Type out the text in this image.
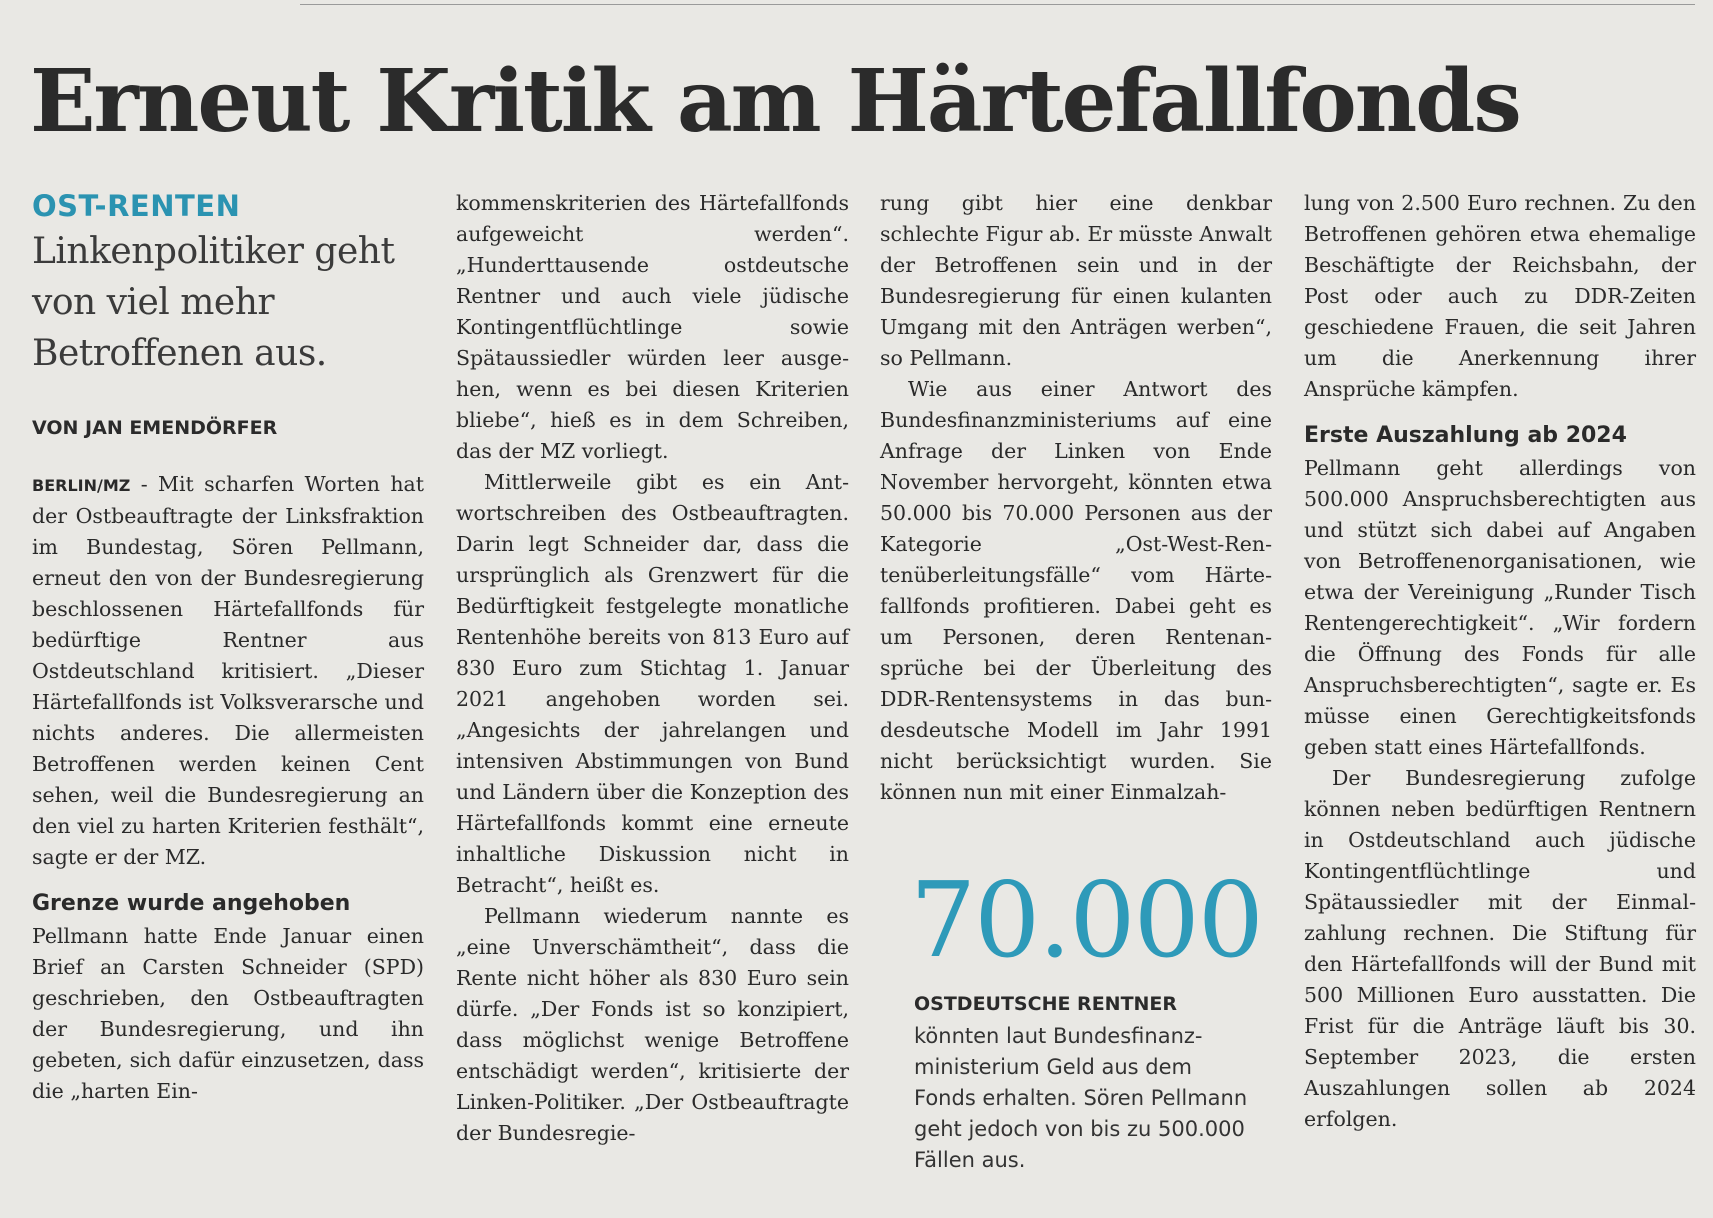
Erneut Kritik am Härtefallfonds

OST-RENTEN

Linkenpolitiker geht von viel mehr Betroffenen aus.

VON JAN EMENDÖRFER

BERLIN/MZ - Mit scharfen Worten hat der Ostbeauftragte der Linksfraktion im Bundestag, Sören Pellmann, erneut den von der Bundesregierung beschlossenen Härtefallfonds für bedürftige Rentner aus Ostdeutschland kritisiert. „Dieser Härtefallfonds ist Volksverarsche und nichts anderes. Die allermeisten Betroffenen werden keinen Cent sehen, weil die Bundesregierung an den viel zu harten Kriterien festhält“, sagte er der MZ.

Grenze wurde angehoben

Pellmann hatte Ende Januar einen Brief an Carsten Schneider (SPD) geschrieben, den Ostbeauftragten der Bundesregierung, und ihn gebeten, sich dafür einzusetzen, dass die „harten Ein-

kommenskriterien des Härtefallfonds aufgeweicht werden“. „Hunderttausende ostdeutsche Rentner und auch viele jüdische Kontingentflüchtlinge sowie Spätaussiedler würden leer ausgehen, wenn es bei diesen Kriterien bliebe“, hieß es in dem Schreiben, das der MZ vorliegt.

Mittlerweile gibt es ein Antwortschreiben des Ostbeauftragten. Darin legt Schneider dar, dass die ursprünglich als Grenzwert für die Bedürftigkeit festgelegte monatliche Rentenhöhe bereits von 813 Euro auf 830 Euro zum Stichtag 1. Januar 2021 angehoben worden sei. „Angesichts der jahrelangen und intensiven Abstimmungen von Bund und Ländern über die Konzeption des Härtefallfonds kommt eine erneute inhaltliche Diskussion nicht in Betracht“, heißt es.

Pellmann wiederum nannte es „eine Unverschämtheit“, dass die Rente nicht höher als 830 Euro sein dürfe. „Der Fonds ist so konzipiert, dass möglichst wenige Betroffene entschädigt werden“, kritisierte der Linken-Politiker. „Der Ostbeauftragte der Bundesregie-

rung gibt hier eine denkbar schlechte Figur ab. Er müsste Anwalt der Betroffenen sein und in der Bundesregierung für einen kulanten Umgang mit den Anträgen werben“, so Pellmann.

Wie aus einer Antwort des Bundesfinanzministeriums auf eine Anfrage der Linken von Ende November hervorgeht, könnten etwa 50.000 bis 70.000 Personen aus der Kategorie „Ost-West-Rentenüberleitungsfälle“ vom Härtefallfonds profitieren. Dabei geht es um Personen, deren Rentenansprüche bei der Überleitung des DDR-Rentensystems in das bundesdeutsche Modell im Jahr 1991 nicht berücksichtigt wurden. Sie können nun mit einer Einmalzah-

70.000

OSTDEUTSCHE RENTNER

könnten laut Bundesfinanzministerium Geld aus dem Fonds erhalten. Sören Pellmann geht jedoch von bis zu 500.000 Fällen aus.

lung von 2.500 Euro rechnen. Zu den Betroffenen gehören etwa ehemalige Beschäftigte der Reichsbahn, der Post oder auch zu DDR-Zeiten geschiedene Frauen, die seit Jahren um die Anerkennung ihrer Ansprüche kämpfen.

Erste Auszahlung ab 2024

Pellmann geht allerdings von 500.000 Anspruchsberechtigten aus und stützt sich dabei auf Angaben von Betroffenenorganisationen, wie etwa der Vereinigung „Runder Tisch Rentengerechtigkeit“. „Wir fordern die Öffnung des Fonds für alle Anspruchsberechtigten“, sagte er. Es müsse einen Gerechtigkeitsfonds geben statt eines Härtefallfonds.

Der Bundesregierung zufolge können neben bedürftigen Rentnern in Ostdeutschland auch jüdische Kontingentflüchtlinge und Spätaussiedler mit der Einmalzahlung rechnen. Die Stiftung für den Härtefallfonds will der Bund mit 500 Millionen Euro ausstatten. Die Frist für die Anträge läuft bis 30. September 2023, die ersten Auszahlungen sollen ab 2024 erfolgen.
